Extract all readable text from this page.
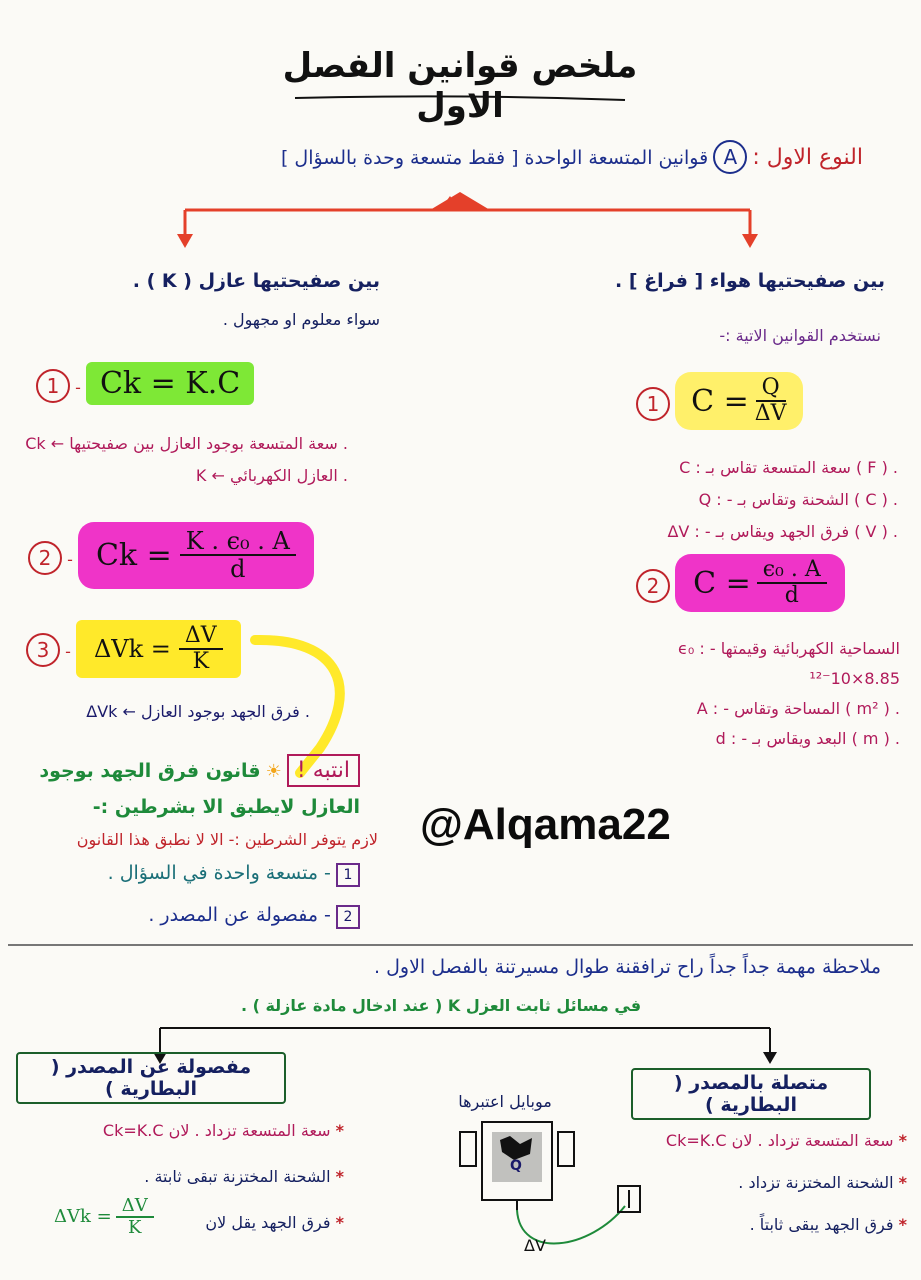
ملخص قوانين الفصل الاول
النوع الاول : A قوانين المتسعة الواحدة [ فقط متسعة وحدة بالسؤال ]
بين صفيحتيها هواء [ فراغ ] .
نستخدم القوانين الاتية :-
1 $C = \frac{Q}{\Delta V}$
C : سعة المتسعة تقاس بـ ( F ) .
Q : - الشحنة وتقاس بـ ( C ) .
ΔV : - فرق الجهد ويقاس بـ ( V ) .
2 $C = \frac{\text{ϵ₀ . A}}{d}$
ϵ₀ : - السماحية الكهربائية وقيمتها 8.85×10⁻¹²
A : - المساحة وتقاس ( m² ) .
d : - البعد ويقاس بـ ( m ) .
بين صفيحتيها عازل ( K ) .
سواء معلوم او مجهول .
1 - Ck = K.C
Ck ← سعة المتسعة بوجود العازل بين صفيحتيها .
K ← العازل الكهربائي .
$2 - Ck = \frac{\text{K . ϵ₀ . A}}{d}$
$3 - \Delta Vk = \frac{\Delta V}{K}$
ΔVk ← فرق الجهد بوجود العازل .
انتبه ! ☀ قانون فرق الجهد بوجود
العازل لايطبق الا بشرطين :-
لازم يتوفر الشرطين :- الا لا نطبق هذا القانون
1 - متسعة واحدة في السؤال .
2 - مفصولة عن المصدر .
@Alqama22
ملاحظة مهمة جداً جداً راح ترافقنة طوال مسيرتنة بالفصل الاول .
في مسائل ثابت العزل K ( عند ادخال مادة عازلة ) .
متصلة بالمصدر ( البطارية )
* سعة المتسعة تزداد . لان Ck=K.C
* الشحنة المختزنة تزداد .
* فرق الجهد يبقى ثابتاً .
مفصولة عن المصدر ( البطارية )
* سعة المتسعة تزداد . لان Ck=K.C
* الشحنة المختزنة تبقى ثابتة .
* فرق الجهد يقل لان
$\Delta Vk = \frac{\Delta V}{K}$
موبايل اعتبرها
Q
ΔV
